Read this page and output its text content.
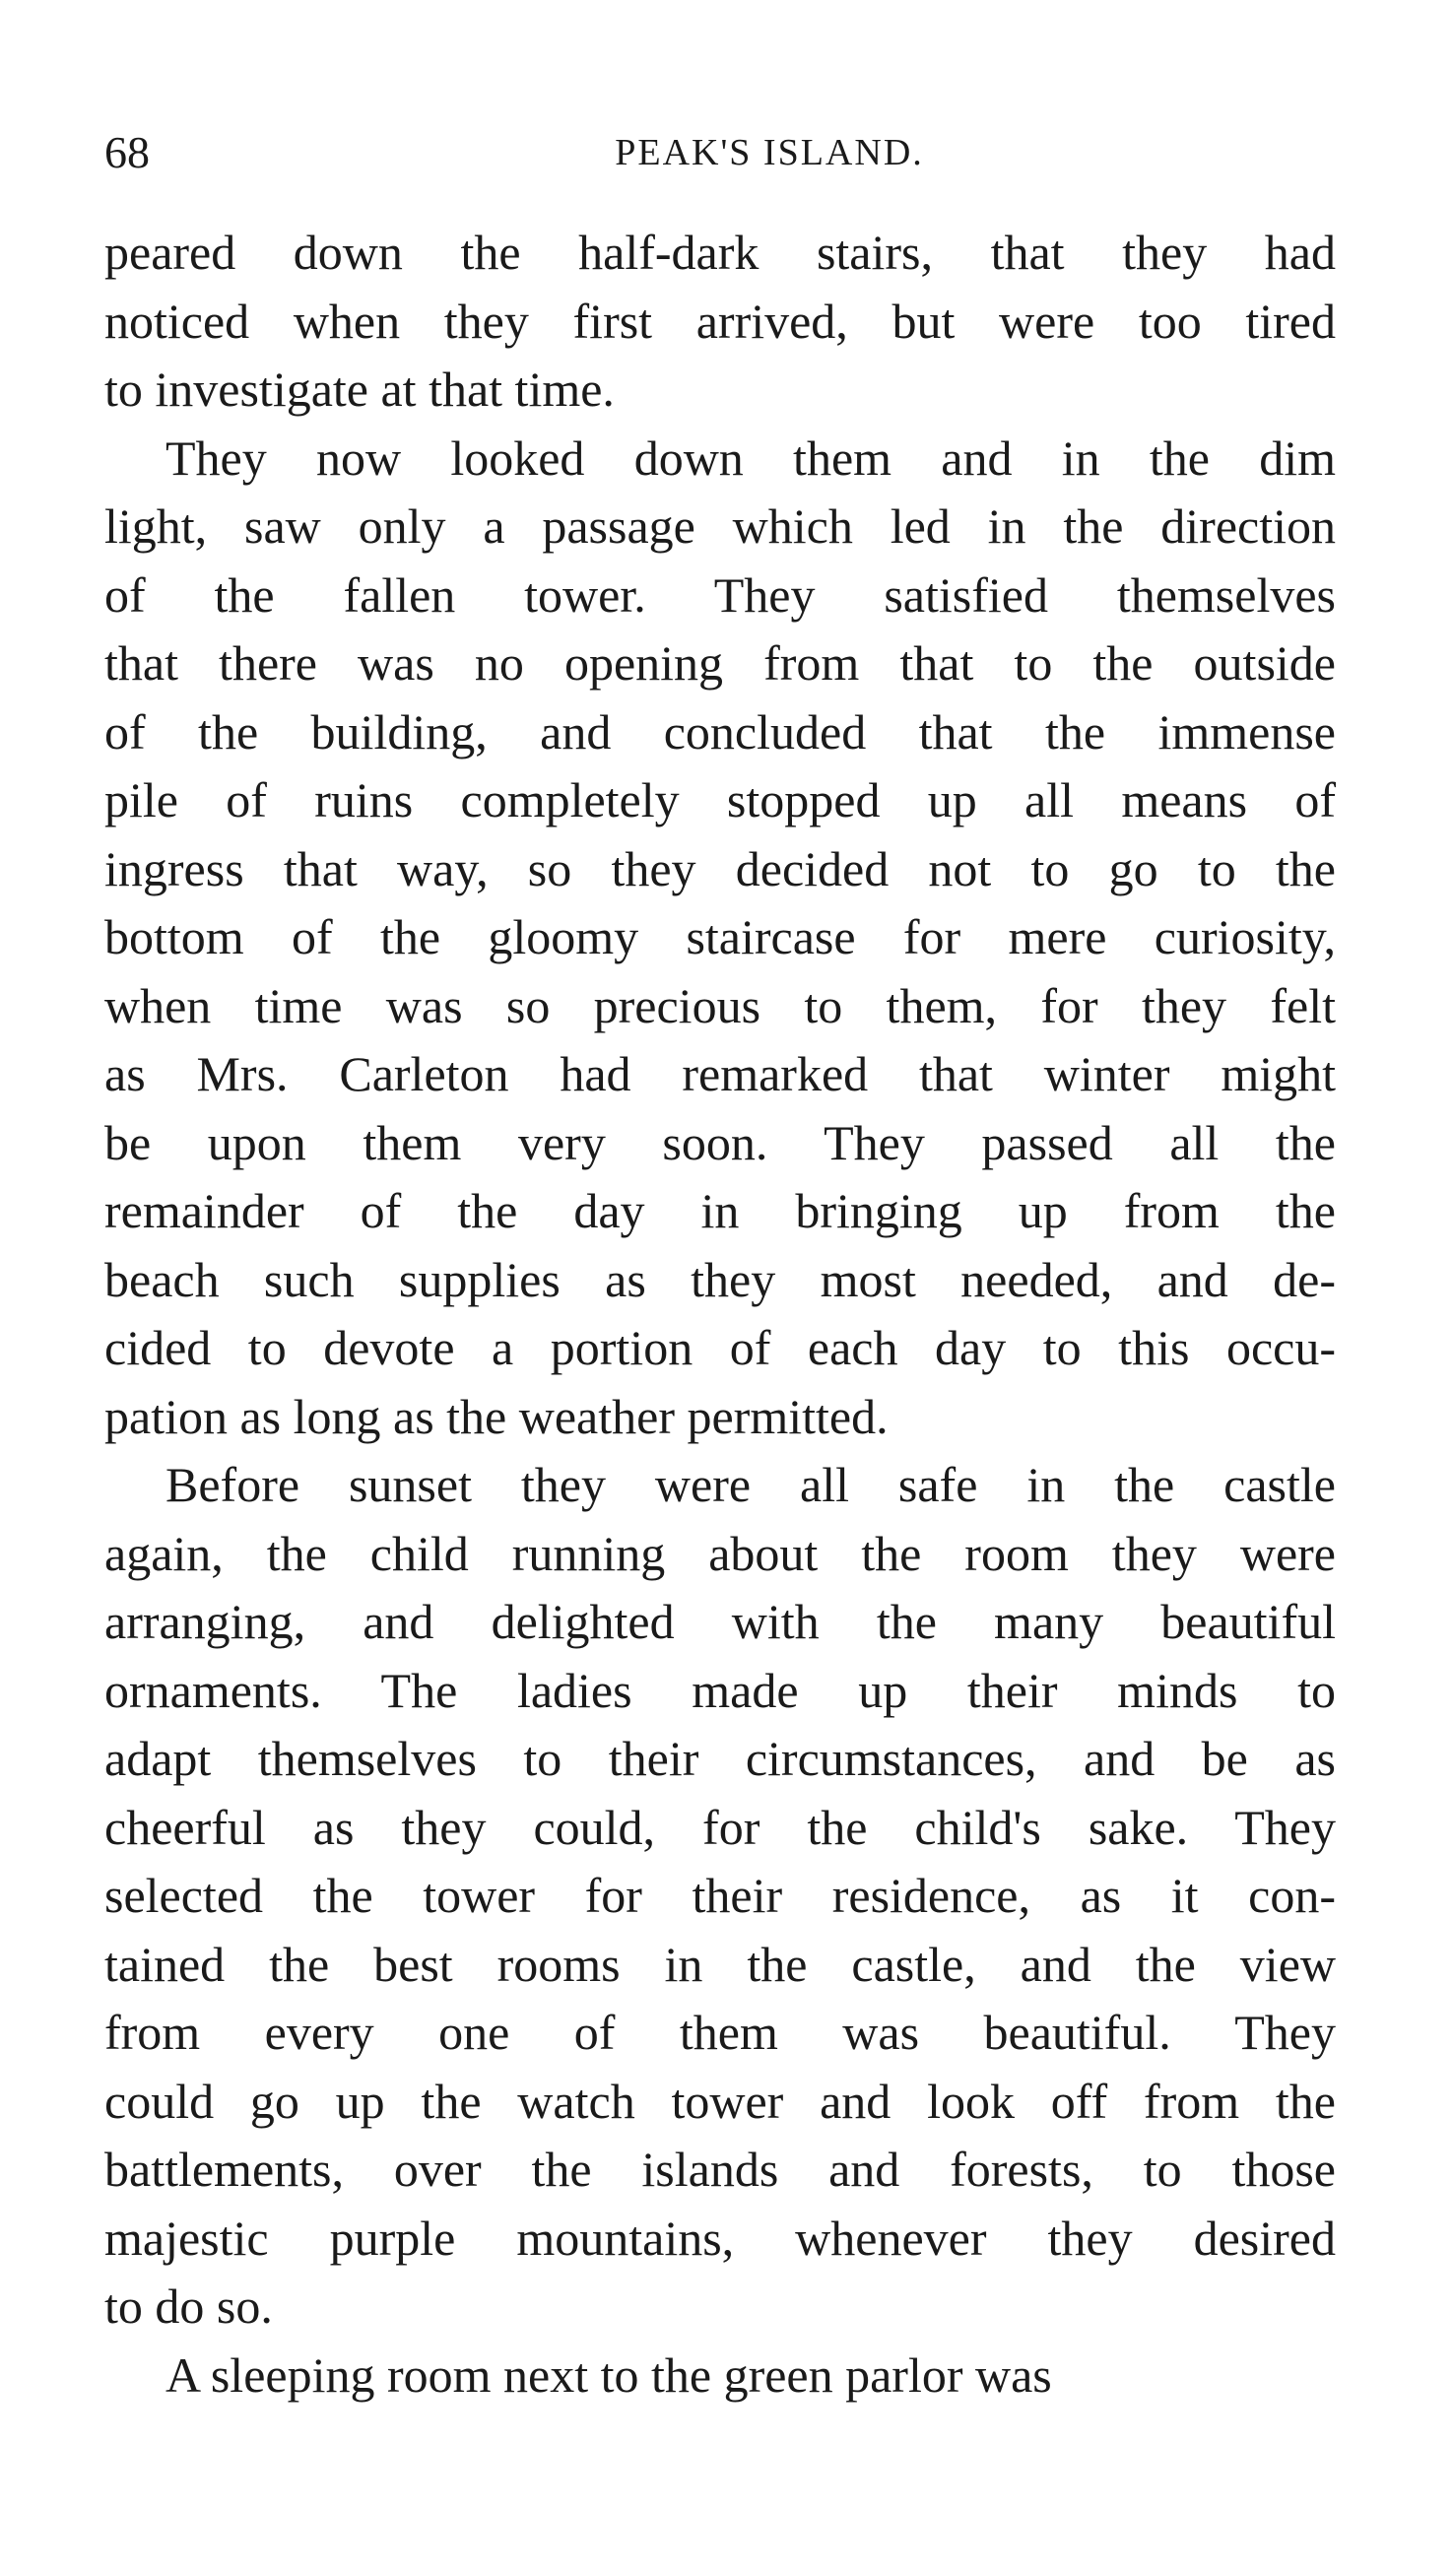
68	PEAK'S ISLAND.
peared down the half-dark stairs, that they had
noticed when they first arrived, but were too tired
to investigate at that time.
They now looked down them and in the dim
light, saw only a passage which led in the direction
of the fallen tower. They satisfied themselves
that there was no opening from that to the outside
of the building, and concluded that the immense
pile of ruins completely stopped up all means of
ingress that way, so they decided not to go to the
bottom of the gloomy staircase for mere curiosity,
when time was so precious to them, for they felt
as Mrs. Carleton had remarked that winter might
be upon them very soon. They passed all the
remainder of the day in bringing up from the
beach such supplies as they most needed, and de-
cided to devote a portion of each day to this occu-
pation as long as the weather permitted.
Before sunset they were all safe in the castle
again, the child running about the room they were
arranging, and delighted with the many beautiful
ornaments. The ladies made up their minds to
adapt themselves to their circumstances, and be as
cheerful as they could, for the child's sake. They
selected the tower for their residence, as it con-
tained the best rooms in the castle, and the view
from every one of them was beautiful. They
could go up the watch tower and look off from the
battlements, over the islands and forests, to those
majestic purple mountains, whenever they desired
to do so.
A sleeping room next to the green parlor was
